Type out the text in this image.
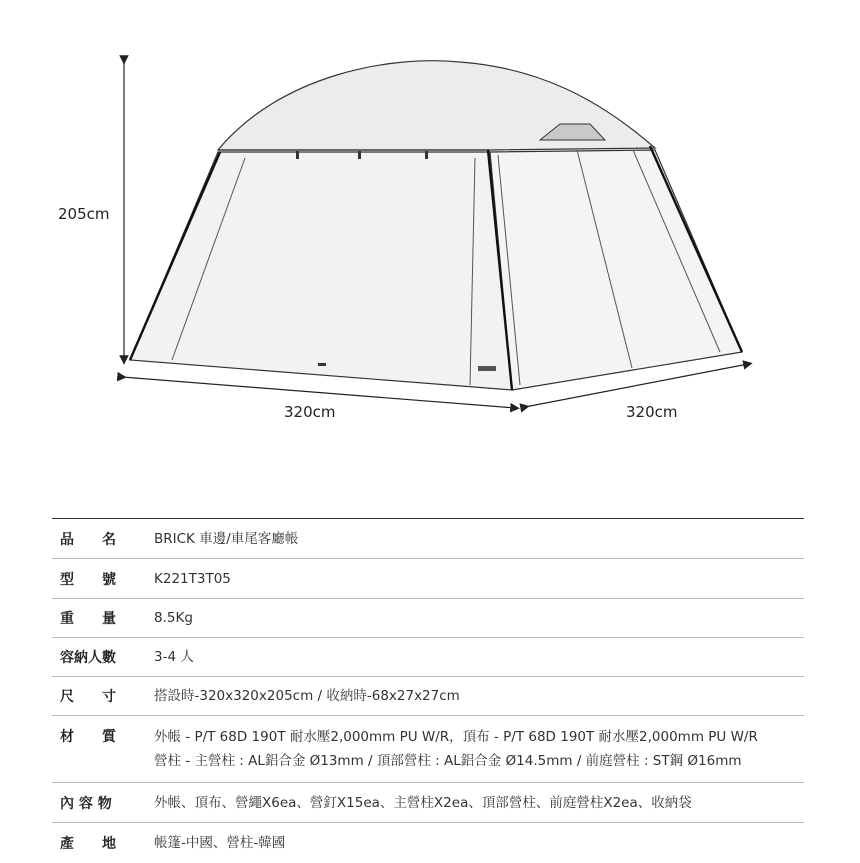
205cm
320cm	320cm
品　　名	BRICK 車邊/車尾客廳帳
型　　號	K221T3T05
重　　量	8.5Kg
容納人數	3-4 人
尺　　寸	搭設時-320x320x205cm / 收納時-68x27x27cm
材　　質	外帳 - P/T 68D 190T 耐水壓2,000mm PU W/R，頂布 - P/T 68D 190T 耐水壓2,000mm PU W/R
營柱 - 主營柱 : AL鋁合金 Ø13mm / 頂部營柱 : AL鋁合金 Ø14.5mm / 前庭營柱 : ST鋼 Ø16mm
內 容 物	外帳、頂布、營繩X6ea、營釘X15ea、主營柱X2ea、頂部營柱、前庭營柱X2ea、收納袋
產　　地	帳篷-中國、營柱-韓國
